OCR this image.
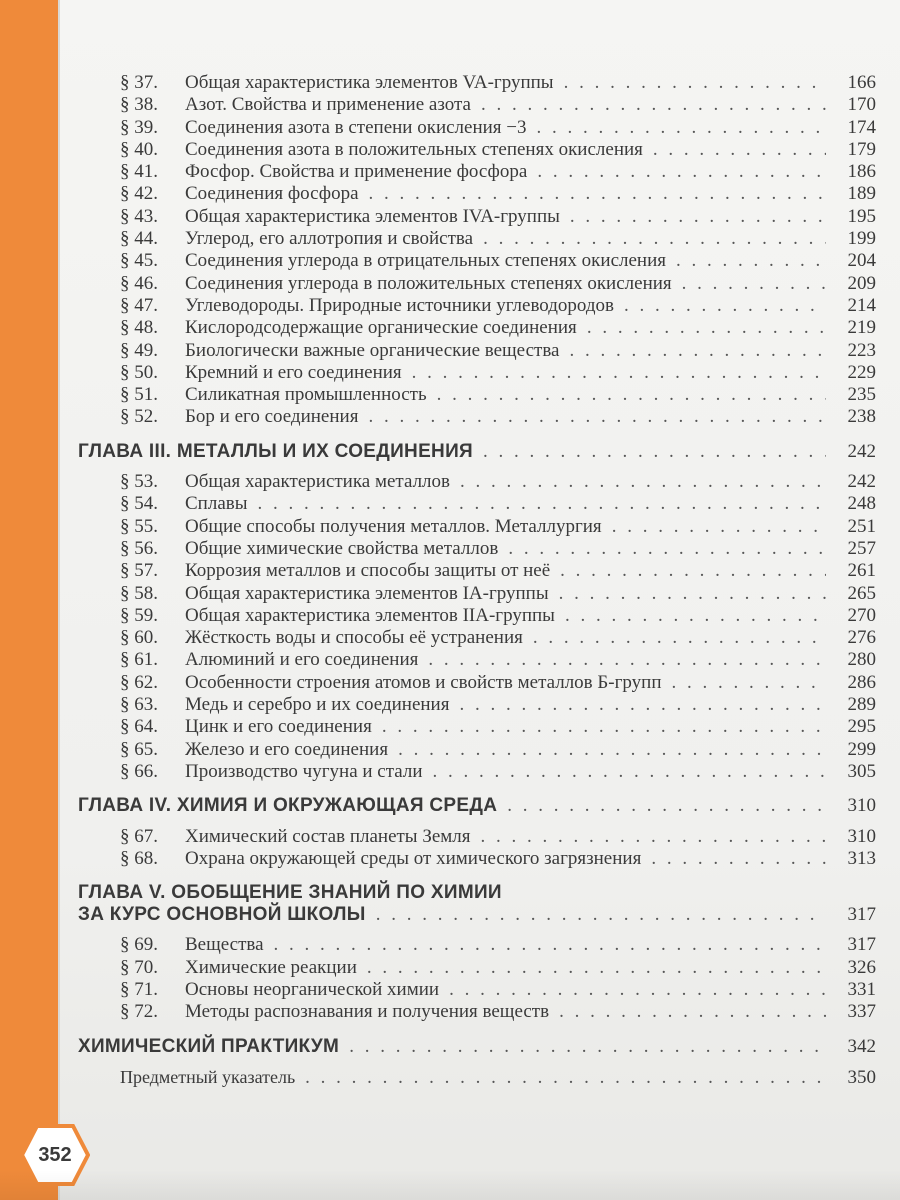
§ 37.	Общая характеристика элементов VA-группы . . .	166
§ 38.	Азот. Свойства и применение азота . . .	170
§ 39.	Соединения азота в степени окисления −3 . . .	174
§ 40.	Соединения азота в положительных степенях окисления . . .	179
§ 41.	Фосфор. Свойства и применение фосфора . . .	186
§ 42.	Соединения фосфора . . .	189
§ 43.	Общая характеристика элементов IVA-группы . . .	195
§ 44.	Углерод, его аллотропия и свойства . . .	199
§ 45.	Соединения углерода в отрицательных степенях окисления . . .	204
§ 46.	Соединения углерода в положительных степенях окисления . . .	209
§ 47.	Углеводороды. Природные источники углеводородов . . .	214
§ 48.	Кислородсодержащие органические соединения . . .	219
§ 49.	Биологически важные органические вещества . . .	223
§ 50.	Кремний и его соединения . . .	229
§ 51.	Силикатная промышленность . . .	235
§ 52.	Бор и его соединения . . .	238
ГЛАВА III. МЕТАЛЛЫ И ИХ СОЕДИНЕНИЯ . . .	242
§ 53.	Общая характеристика металлов . . .	242
§ 54.	Сплавы . . .	248
§ 55.	Общие способы получения металлов. Металлургия . . .	251
§ 56.	Общие химические свойства металлов . . .	257
§ 57.	Коррозия металлов и способы защиты от неё . . .	261
§ 58.	Общая характеристика элементов IA-группы . . .	265
§ 59.	Общая характеристика элементов IIA-группы . . .	270
§ 60.	Жёсткость воды и способы её устранения . . .	276
§ 61.	Алюминий и его соединения . . .	280
§ 62.	Особенности строения атомов и свойств металлов Б-групп . . .	286
§ 63.	Медь и серебро и их соединения . . .	289
§ 64.	Цинк и его соединения . . .	295
§ 65.	Железо и его соединения . . .	299
§ 66.	Производство чугуна и стали . . .	305
ГЛАВА IV. ХИМИЯ И ОКРУЖАЮЩАЯ СРЕДА . . .	310
§ 67.	Химический состав планеты Земля . . .	310
§ 68.	Охрана окружающей среды от химического загрязнения . . .	313
ГЛАВА V. ОБОБЩЕНИЕ ЗНАНИЙ ПО ХИМИИ
ЗА КУРС ОСНОВНОЙ ШКОЛЫ . . .	317
§ 69.	Вещества . . .	317
§ 70.	Химические реакции . . .	326
§ 71.	Основы неорганической химии . . .	331
§ 72.	Методы распознавания и получения веществ . . .	337
ХИМИЧЕСКИЙ ПРАКТИКУМ . . .	342
Предметный указатель . . .	350
352
